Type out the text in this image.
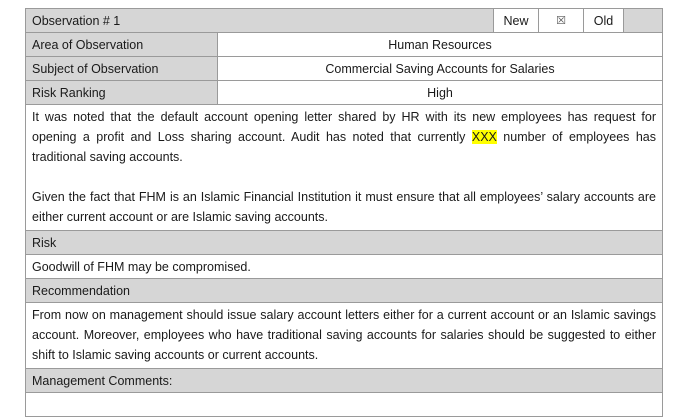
Observation # 1		New	☒	Old	
Area of Observation	Human Resources				
Subject of Observation	Commercial Saving Accounts for Salaries				
Risk Ranking	High				
It was noted that the default account opening letter shared by HR with its new employees has request for opening a profit and Loss sharing account. Audit has noted that currently XXX number of employees has traditional saving accounts.
Given the fact that FHM is an Islamic Financial Institution it must ensure that all employees’ salary accounts are either current account or are Islamic saving accounts.					

Risk					
Goodwill of FHM may be compromised.					
Recommendation					
From now on management should issue salary account letters either for a current account or an Islamic savings account. Moreover, employees who have traditional saving accounts for salaries should be suggested to either shift to Islamic saving accounts or current accounts.					
Management Comments:					
